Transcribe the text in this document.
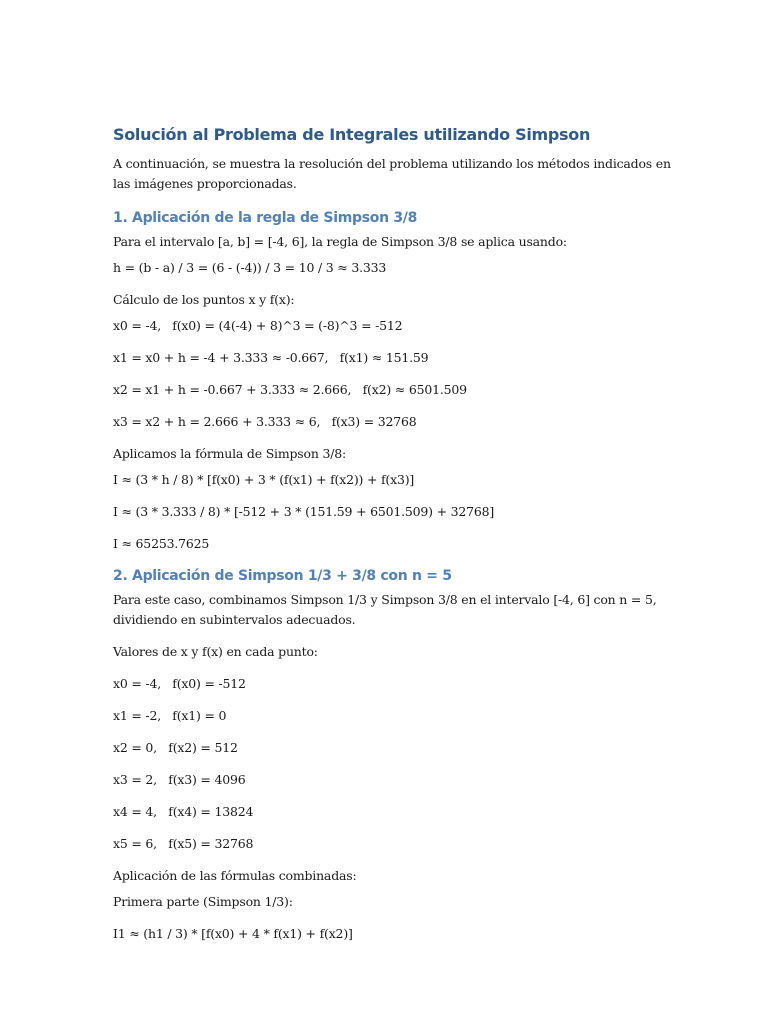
Solución al Problema de Integrales utilizando Simpson

A continuación, se muestra la resolución del problema utilizando los métodos indicados en las imágenes proporcionadas.

1. Aplicación de la regla de Simpson 3/8

Para el intervalo [a, b] = [-4, 6], la regla de Simpson 3/8 se aplica usando:

h = (b - a) / 3 = (6 - (-4)) / 3 = 10 / 3 ≈ 3.333

Cálculo de los puntos x y f(x):

x0 = -4,   f(x0) = (4(-4) + 8)^3 = (-8)^3 = -512

x1 = x0 + h = -4 + 3.333 ≈ -0.667,   f(x1) ≈ 151.59

x2 = x1 + h = -0.667 + 3.333 ≈ 2.666,   f(x2) ≈ 6501.509

x3 = x2 + h = 2.666 + 3.333 ≈ 6,   f(x3) = 32768

Aplicamos la fórmula de Simpson 3/8:

I ≈ (3 * h / 8) * [f(x0) + 3 * (f(x1) + f(x2)) + f(x3)]

I ≈ (3 * 3.333 / 8) * [-512 + 3 * (151.59 + 6501.509) + 32768]

I ≈ 65253.7625

2. Aplicación de Simpson 1/3 + 3/8 con n = 5

Para este caso, combinamos Simpson 1/3 y Simpson 3/8 en el intervalo [-4, 6] con n = 5, dividiendo en subintervalos adecuados.

Valores de x y f(x) en cada punto:

x0 = -4,   f(x0) = -512

x1 = -2,   f(x1) = 0

x2 = 0,   f(x2) = 512

x3 = 2,   f(x3) = 4096

x4 = 4,   f(x4) = 13824

x5 = 6,   f(x5) = 32768

Aplicación de las fórmulas combinadas:

Primera parte (Simpson 1/3):

I1 ≈ (h1 / 3) * [f(x0) + 4 * f(x1) + f(x2)]
